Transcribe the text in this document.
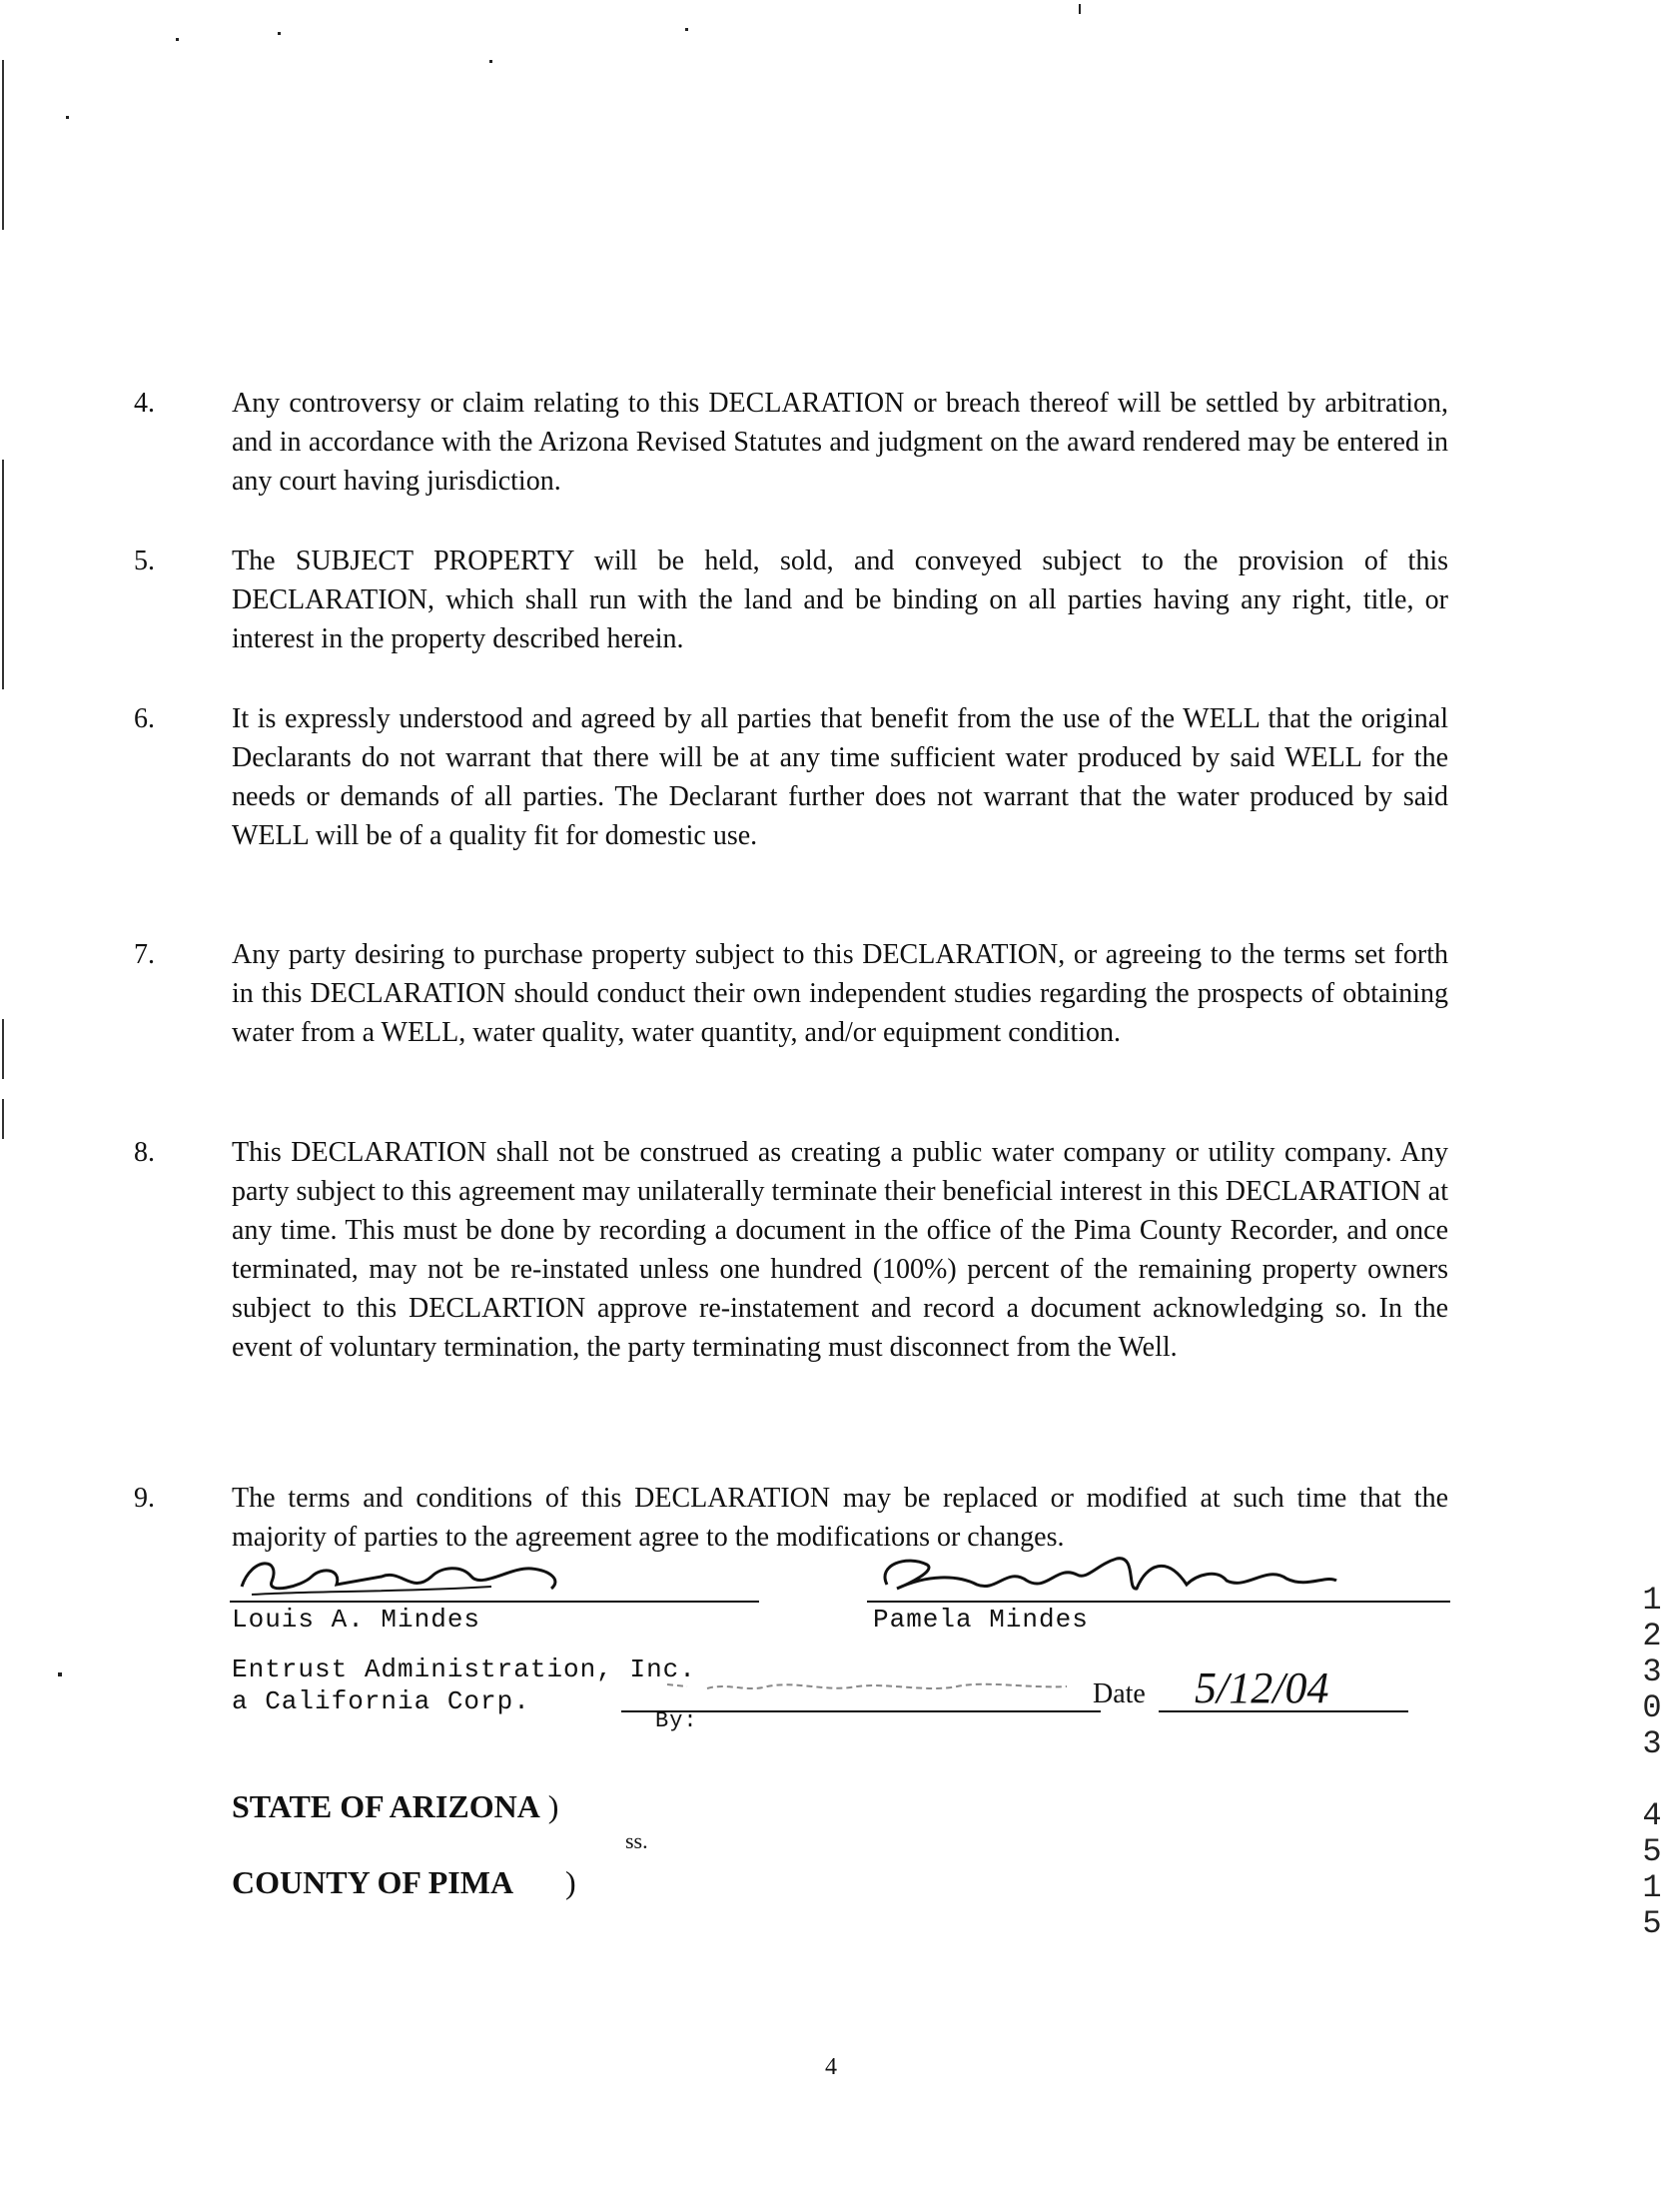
4.	Any controversy or claim relating to this DECLARATION or breach thereof will be settled by arbitration, and in accordance with the Arizona Revised Statutes and judgment on the award rendered may be entered in any court having jurisdiction.
5.	The SUBJECT PROPERTY will be held, sold, and conveyed subject to the provision of this DECLARATION, which shall run with the land and be binding on all parties having any right, title, or interest in the property described herein.
6.	It is expressly understood and agreed by all parties that benefit from the use of the WELL that the original Declarants do not warrant that there will be at any time sufficient water produced by said WELL for the needs or demands of all parties. The Declarant further does not warrant that the water produced by said WELL will be of a quality fit for domestic use.
7.	Any party desiring to purchase property subject to this DECLARATION, or agreeing to the terms set forth in this DECLARATION should conduct their own independent studies regarding the prospects of obtaining water from a WELL, water quality, water quantity, and/or equipment condition.
8.	This DECLARATION shall not be construed as creating a public water company or utility company. Any party subject to this agreement may unilaterally terminate their beneficial interest in this DECLARATION at any time. This must be done by recording a document in the office of the Pima County Recorder, and once terminated, may not be re-instated unless one hundred (100%) percent of the remaining property owners subject to this DECLARTION approve re-instatement and record a document acknowledging so. In the event of voluntary termination, the party terminating must disconnect from the Well.
9.	The terms and conditions of this DECLARATION may be replaced or modified at such time that the majority of parties to the agreement agree to the modifications or changes.
Louis A. Mindes	Pamela Mindes
Entrust Administration, Inc.
a California Corp.
By:
Date 5/12/04
STATE OF ARIZONA )
ss.
COUNTY OF PIMA )
1
2
3
0
3
4
5
1
5
4
